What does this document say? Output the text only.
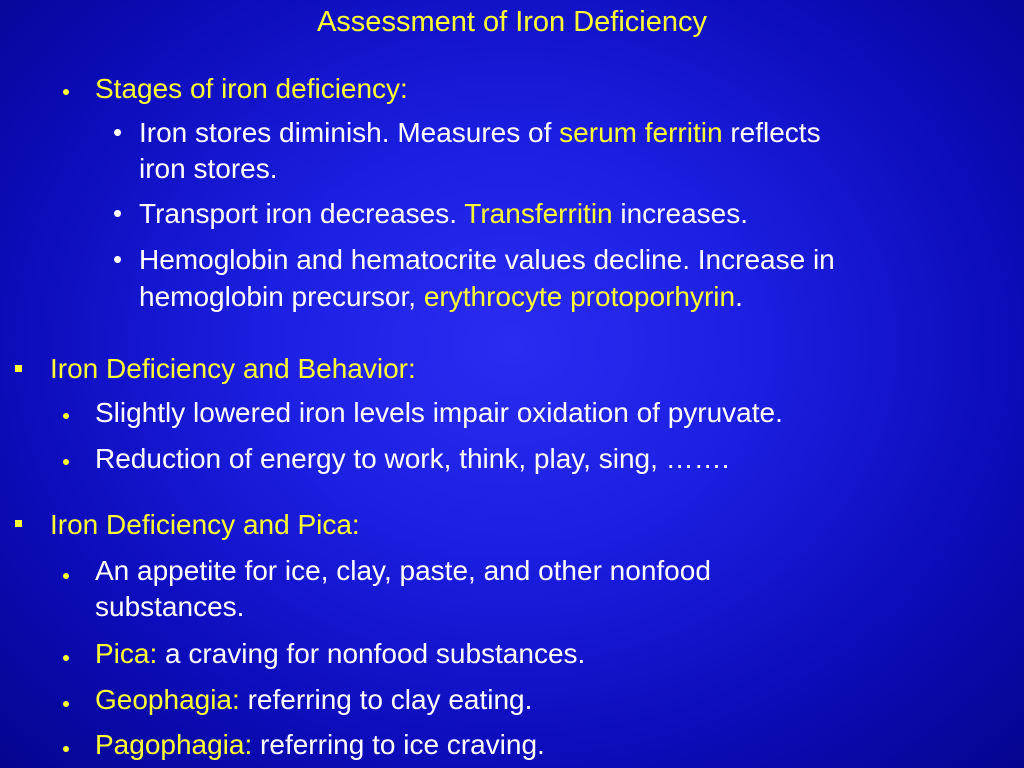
Assessment of Iron Deficiency
Stages of iron deficiency:
• Iron stores diminish. Measures of serum ferritin reflects
iron stores.
• Transport iron decreases. Transferritin increases.
• Hemoglobin and hematocrite values decline. Increase in
hemoglobin precursor, erythrocyte protoporhyrin.
Iron Deficiency and Behavior:
Slightly lowered iron levels impair oxidation of pyruvate.
Reduction of energy to work, think, play, sing, …….
Iron Deficiency and Pica:
An appetite for ice, clay, paste, and other nonfood
substances.
Pica: a craving for nonfood substances.
Geophagia: referring to clay eating.
Pagophagia: referring to ice craving.
